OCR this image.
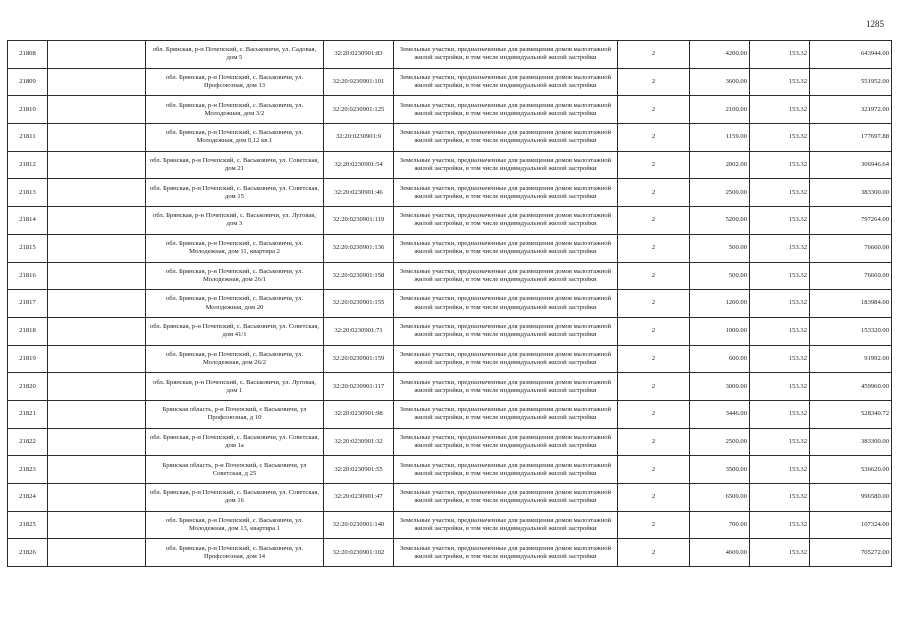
1285
21808		обл. Брянская, р-н Почепский, с. Васьковичи, ул. Садовая, дом 5	32:20:0230901:83	Земельные участки, предназначенные для размещения домов малоэтажной жилой застройки, в том числе индивидуальной жилой застройки	2	4200.00	153.32	643944.00
21809		обл. Брянская, р-н Почепский, с. Васьковичи, ул. Профсоюзная, дом 13	32:20:0230901:101	Земельные участки, предназначенные для размещения домов малоэтажной жилой застройки, в том числе индивидуальной жилой застройки	2	3600.00	153.32	551952.00
21810		обл. Брянская, р-н Почепский, с. Васьковичи, ул. Молодежная, дом 3/2	32:20:0230901:125	Земельные участки, предназначенные для размещения домов малоэтажной жилой застройки, в том числе индивидуальной жилой застройки	2	2100.00	153.32	321972.00
21811		обл. Брянская, р-н Почепский, с. Васьковичи, ул. Молодежная, дом 0,12 кв.1	32:20:0230901:9	Земельные участки, предназначенные для размещения домов малоэтажной жилой застройки, в том числе индивидуальной жилой застройки	2	1159.00	153.32	177697.88
21812		обл. Брянская, р-н Почепский, с. Васьковичи, ул. Советская, дом 21	32:20:0230901:54	Земельные участки, предназначенные для размещения домов малоэтажной жилой застройки, в том числе индивидуальной жилой застройки	2	2002.00	153.32	306946.64
21813		обл. Брянская, р-н Почепский, с. Васьковичи, ул. Советская, дом 15	32:20:0230901:46	Земельные участки, предназначенные для размещения домов малоэтажной жилой застройки, в том числе индивидуальной жилой застройки	2	2500.00	153.32	383300.00
21814		обл. Брянская, р-н Почепский, с. Васьковичи, ул. Луговая, дом 3	32:20:0230901:119	Земельные участки, предназначенные для размещения домов малоэтажной жилой застройки, в том числе индивидуальной жилой застройки	2	5200.00	153.32	797264.00
21815		обл. Брянская, р-н Почепский, с. Васьковичи, ул. Молодежная, дом 11, квартира 2	32:20:0230901:136	Земельные участки, предназначенные для размещения домов малоэтажной жилой застройки, в том числе индивидуальной жилой застройки	2	500.00	153.32	76660.00
21816		обл. Брянская, р-н Почепский, с. Васьковичи, ул. Молодежная, дом 26/1	32:20:0230901:158	Земельные участки, предназначенные для размещения домов малоэтажной жилой застройки, в том числе индивидуальной жилой застройки	2	500.00	153.32	76660.00
21817		обл. Брянская, р-н Почепский, с. Васьковичи, ул. Молодежная, дом 20	32:20:0230901:155	Земельные участки, предназначенные для размещения домов малоэтажной жилой застройки, в том числе индивидуальной жилой застройки	2	1200.00	153.32	183984.00
21818		обл. Брянская, р-н Почепский, с. Васьковичи, ул. Советская, дом 41/1	32:20:0230901:71	Земельные участки, предназначенные для размещения домов малоэтажной жилой застройки, в том числе индивидуальной жилой застройки	2	1000.00	153.32	153320.00
21819		обл. Брянская, р-н Почепский, с. Васьковичи, ул. Молодежная, дом 26/2	32:20:0230901:159	Земельные участки, предназначенные для размещения домов малоэтажной жилой застройки, в том числе индивидуальной жилой застройки	2	600.00	153.32	91992.00
21820		обл. Брянская, р-н Почепский, с. Васьковичи, ул. Луговая, дом 1	32:20:0230901:117	Земельные участки, предназначенные для размещения домов малоэтажной жилой застройки, в том числе индивидуальной жилой застройки	2	3000.00	153.32	459960.00
21821		Брянская область, р-н Почепский, с Васьковичи, ул Профсоюзная, д 10	32:20:0230901:98	Земельные участки, предназначенные для размещения домов малоэтажной жилой застройки, в том числе индивидуальной жилой застройки	2	3446.00	153.32	528340.72
21822		обл. Брянская, р-н Почепский, с. Васьковичи, ул. Советская, дом 1а	32:20:0230901:32	Земельные участки, предназначенные для размещения домов малоэтажной жилой застройки, в том числе индивидуальной жилой застройки	2	2500.00	153.32	383300.00
21823		Брянская область, р-н Почепский, с Васьковичи, ул Советская, д 25	32:20:0230901:55	Земельные участки, предназначенные для размещения домов малоэтажной жилой застройки, в том числе индивидуальной жилой застройки	2	3500.00	153.32	536620.00
21824		обл. Брянская, р-н Почепский, с. Васьковичи, ул. Советская, дом 16	32:20:0230901:47	Земельные участки, предназначенные для размещения домов малоэтажной жилой застройки, в том числе индивидуальной жилой застройки	2	6500.00	153.32	996580.00
21825		обл. Брянская, р-н Почепский, с. Васьковичи, ул. Молодежная, дом 13, квартира 1	32:20:0230901:140	Земельные участки, предназначенные для размещения домов малоэтажной жилой застройки, в том числе индивидуальной жилой застройки	2	700.00	153.32	107324.00
21826		обл. Брянская, р-н Почепский, с. Васьковичи, ул. Профсоюзная, дом 14	32:20:0230901:102	Земельные участки, предназначенные для размещения домов малоэтажной жилой застройки, в том числе индивидуальной жилой застройки	2	4600.00	153.32	705272.00
